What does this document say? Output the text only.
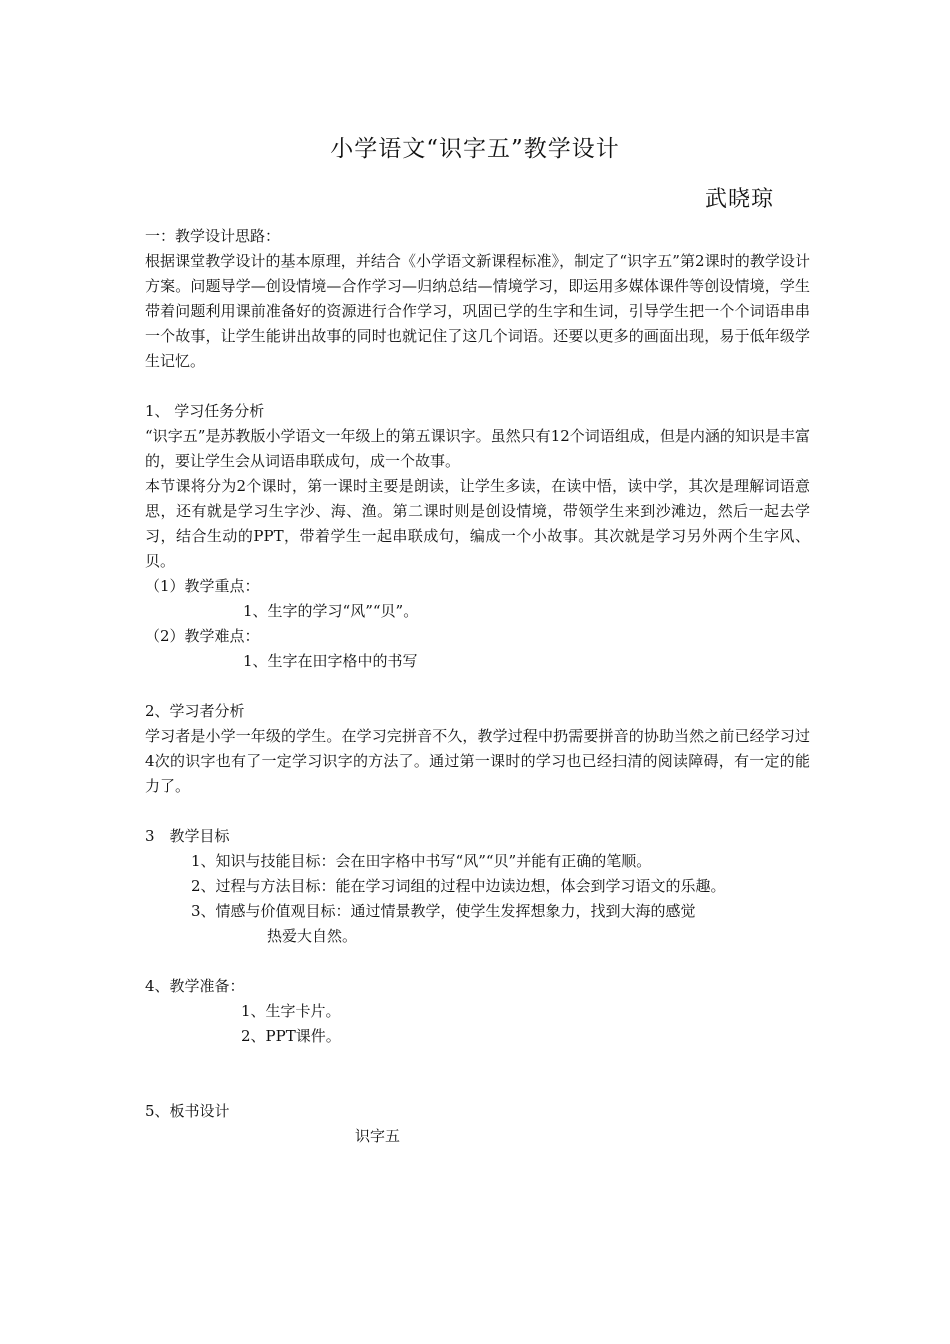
小学语文“识字五”教学设计
武晓琼

一：教学设计思路：

根据课堂教学设计的基本原理，并结合《小学语文新课程标准》，制定了“识字五”第2课时的教学设计方案。问题导学—创设情境—合作学习—归纳总结—情境学习，即运用多媒体课件等创设情境，学生带着问题利用课前准备好的资源进行合作学习，巩固已学的生字和生词，引导学生把一个个词语串串一个故事，让学生能讲出故事的同时也就记住了这几个词语。还要以更多的画面出现，易于低年级学生记忆。

1、 学习任务分析

“识字五”是苏教版小学语文一年级上的第五课识字。虽然只有12个词语组成，但是内涵的知识是丰富的，要让学生会从词语串联成句，成一个故事。

本节课将分为2个课时，第一课时主要是朗读，让学生多读，在读中悟，读中学，其次是理解词语意思，还有就是学习生字沙、海、渔。第二课时则是创设情境，带领学生来到沙滩边，然后一起去学习，结合生动的PPT，带着学生一起串联成句，编成一个小故事。其次就是学习另外两个生字风、贝。

（1）教学重点：

1、生字的学习“风”“贝”。

（2）教学难点：

1、生字在田字格中的书写

2、学习者分析

学习者是小学一年级的学生。在学习完拼音不久，教学过程中扔需要拼音的协助当然之前已经学习过4次的识字也有了一定学习识字的方法了。通过第一课时的学习也已经扫清的阅读障碍，有一定的能力了。

3　教学目标

1、知识与技能目标：会在田字格中书写“风”“贝”并能有正确的笔顺。

2、过程与方法目标：能在学习词组的过程中边读边想，体会到学习语文的乐趣。

3、情感与价值观目标：通过情景教学，使学生发挥想象力，找到大海的感觉

热爱大自然。

4、教学准备：

1、生字卡片。

2、PPT课件。

5、板书设计

识字五
